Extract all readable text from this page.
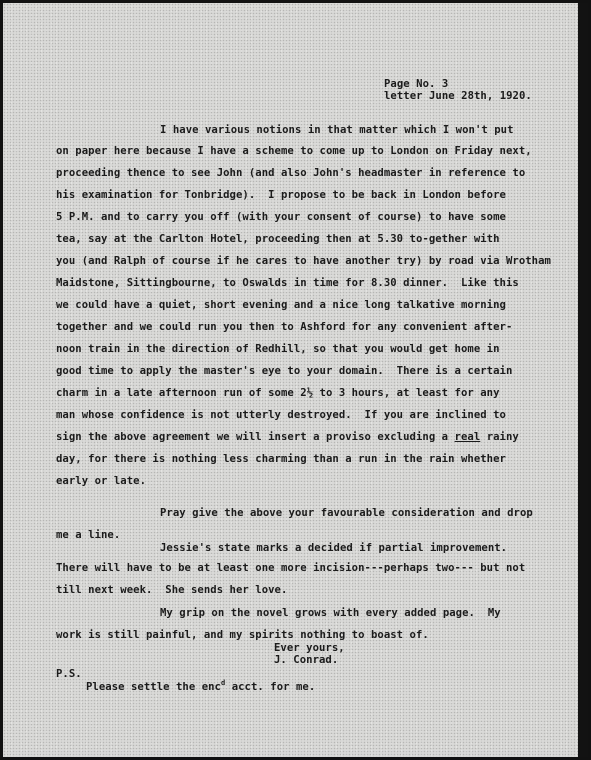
Page No. 3
letter June 28th, 1920.
I have various notions in that matter which I won't put
on paper here because I have a scheme to come up to London on Friday next,
proceeding thence to see John (and also John's headmaster in reference to
his examination for Tonbridge).  I propose to be back in London before
5 P.M. and to carry you off (with your consent of course) to have some
tea, say at the Carlton Hotel, proceeding then at 5.30 to-gether with
you (and Ralph of course if he cares to have another try) by road via Wrotham
Maidstone, Sittingbourne, to Oswalds in time for 8.30 dinner.  Like this
we could have a quiet, short evening and a nice long talkative morning
together and we could run you then to Ashford for any convenient after-
noon train in the direction of Redhill, so that you would get home in
good time to apply the master's eye to your domain.  There is a certain
charm in a late afternoon run of some 2½ to 3 hours, at least for any
man whose confidence is not utterly destroyed.  If you are inclined to
sign the above agreement we will insert a proviso excluding a real rainy
day, for there is nothing less charming than a run in the rain whether
early or late.
Pray give the above your favourable consideration and drop
me a line.
Jessie's state marks a decided if partial improvement.
There will have to be at least one more incision---perhaps two--- but not
till next week.  She sends her love.
My grip on the novel grows with every added page.  My
work is still painful, and my spirits nothing to boast of.
Ever yours,
J. Conrad.
P.S.
Please settle the enc$^d$ acct. for me.
